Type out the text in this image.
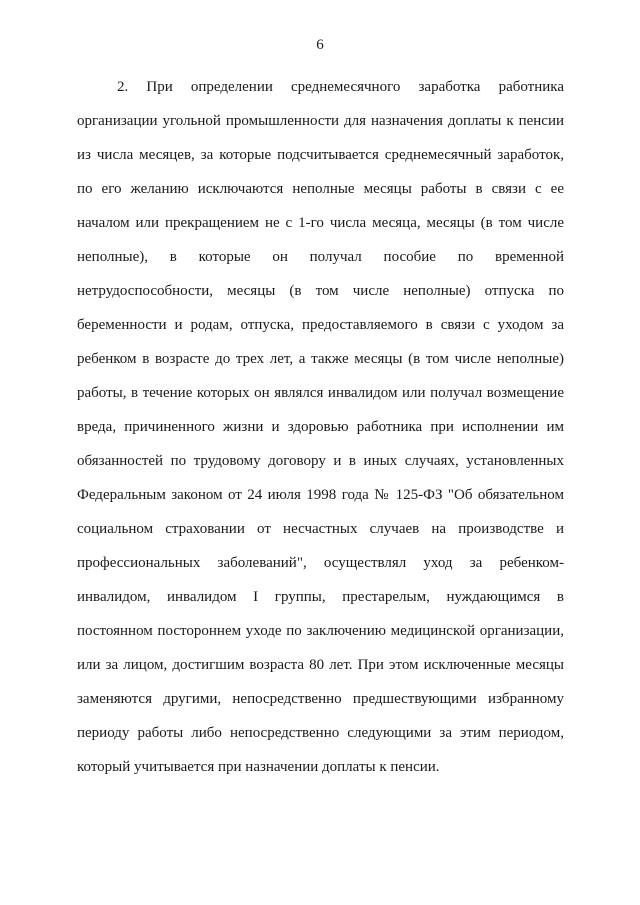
6
2. При определении среднемесячного заработка работника
организации угольной промышленности для назначения доплаты к пенсии
из числа месяцев, за которые подсчитывается среднемесячный заработок,
по его желанию исключаются неполные месяцы работы в связи с ее
началом или прекращением не с 1-го числа месяца, месяцы (в том числе
неполные), в которые он получал пособие по временной
нетрудоспособности, месяцы (в том числе неполные) отпуска по
беременности и родам, отпуска, предоставляемого в связи с уходом за
ребенком в возрасте до трех лет, а также месяцы (в том числе неполные)
работы, в течение которых он являлся инвалидом или получал возмещение
вреда, причиненного жизни и здоровью работника при исполнении им
обязанностей по трудовому договору и в иных случаях, установленных
Федеральным законом от 24 июля 1998 года № 125-ФЗ "Об обязательном
социальном страховании от несчастных случаев на производстве и
профессиональных заболеваний", осуществлял уход за ребенком-
инвалидом, инвалидом I группы, престарелым, нуждающимся в
постоянном постороннем уходе по заключению медицинской организации,
или за лицом, достигшим возраста 80 лет. При этом исключенные месяцы
заменяются другими, непосредственно предшествующими избранному
периоду работы либо непосредственно следующими за этим периодом,
который учитывается при назначении доплаты к пенсии.
